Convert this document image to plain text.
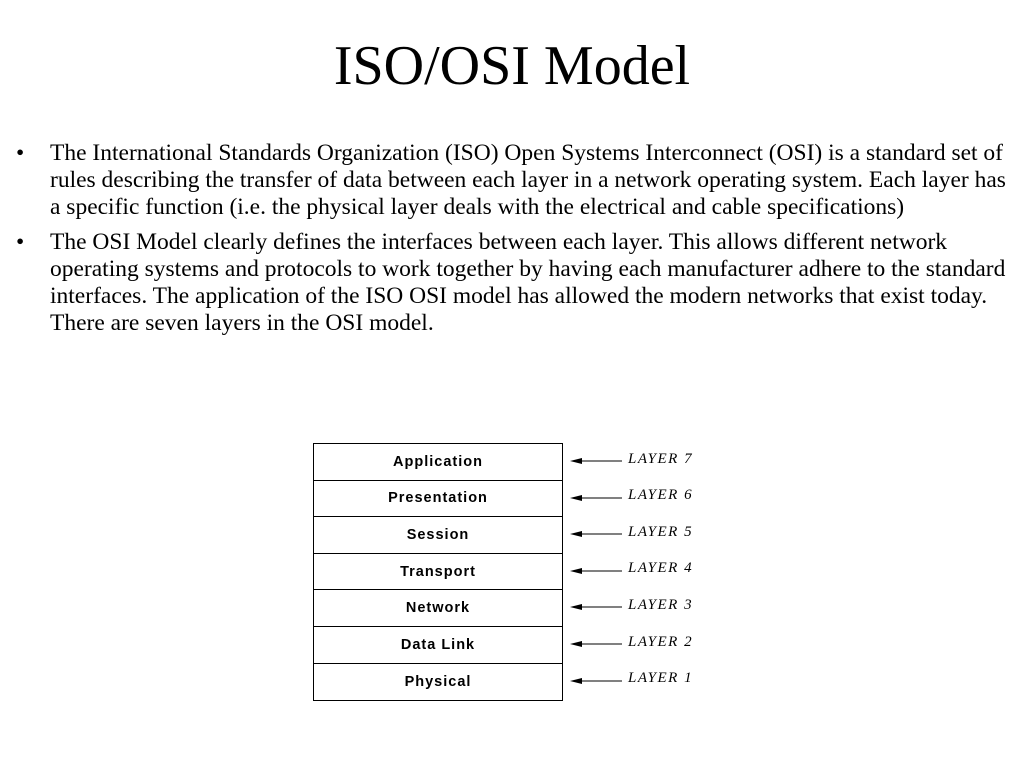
ISO/OSI Model
•	The International Standards Organization (ISO) Open Systems Interconnect (OSI) is a standard set of rules describing the transfer of data between each layer in a network operating system. Each layer has a specific function (i.e. the physical layer deals with the electrical and cable specifications)
•	The OSI Model clearly defines the interfaces between each layer. This allows different network operating systems and protocols to work together by having each manufacturer adhere to the standard interfaces. The application of the ISO OSI model has allowed the modern networks that exist today. There are seven layers in the OSI model.
Application
Presentation
Session
Transport
Network
Data Link
Physical
LAYER 7
LAYER 6
LAYER 5
LAYER 4
LAYER 3
LAYER 2
LAYER 1
